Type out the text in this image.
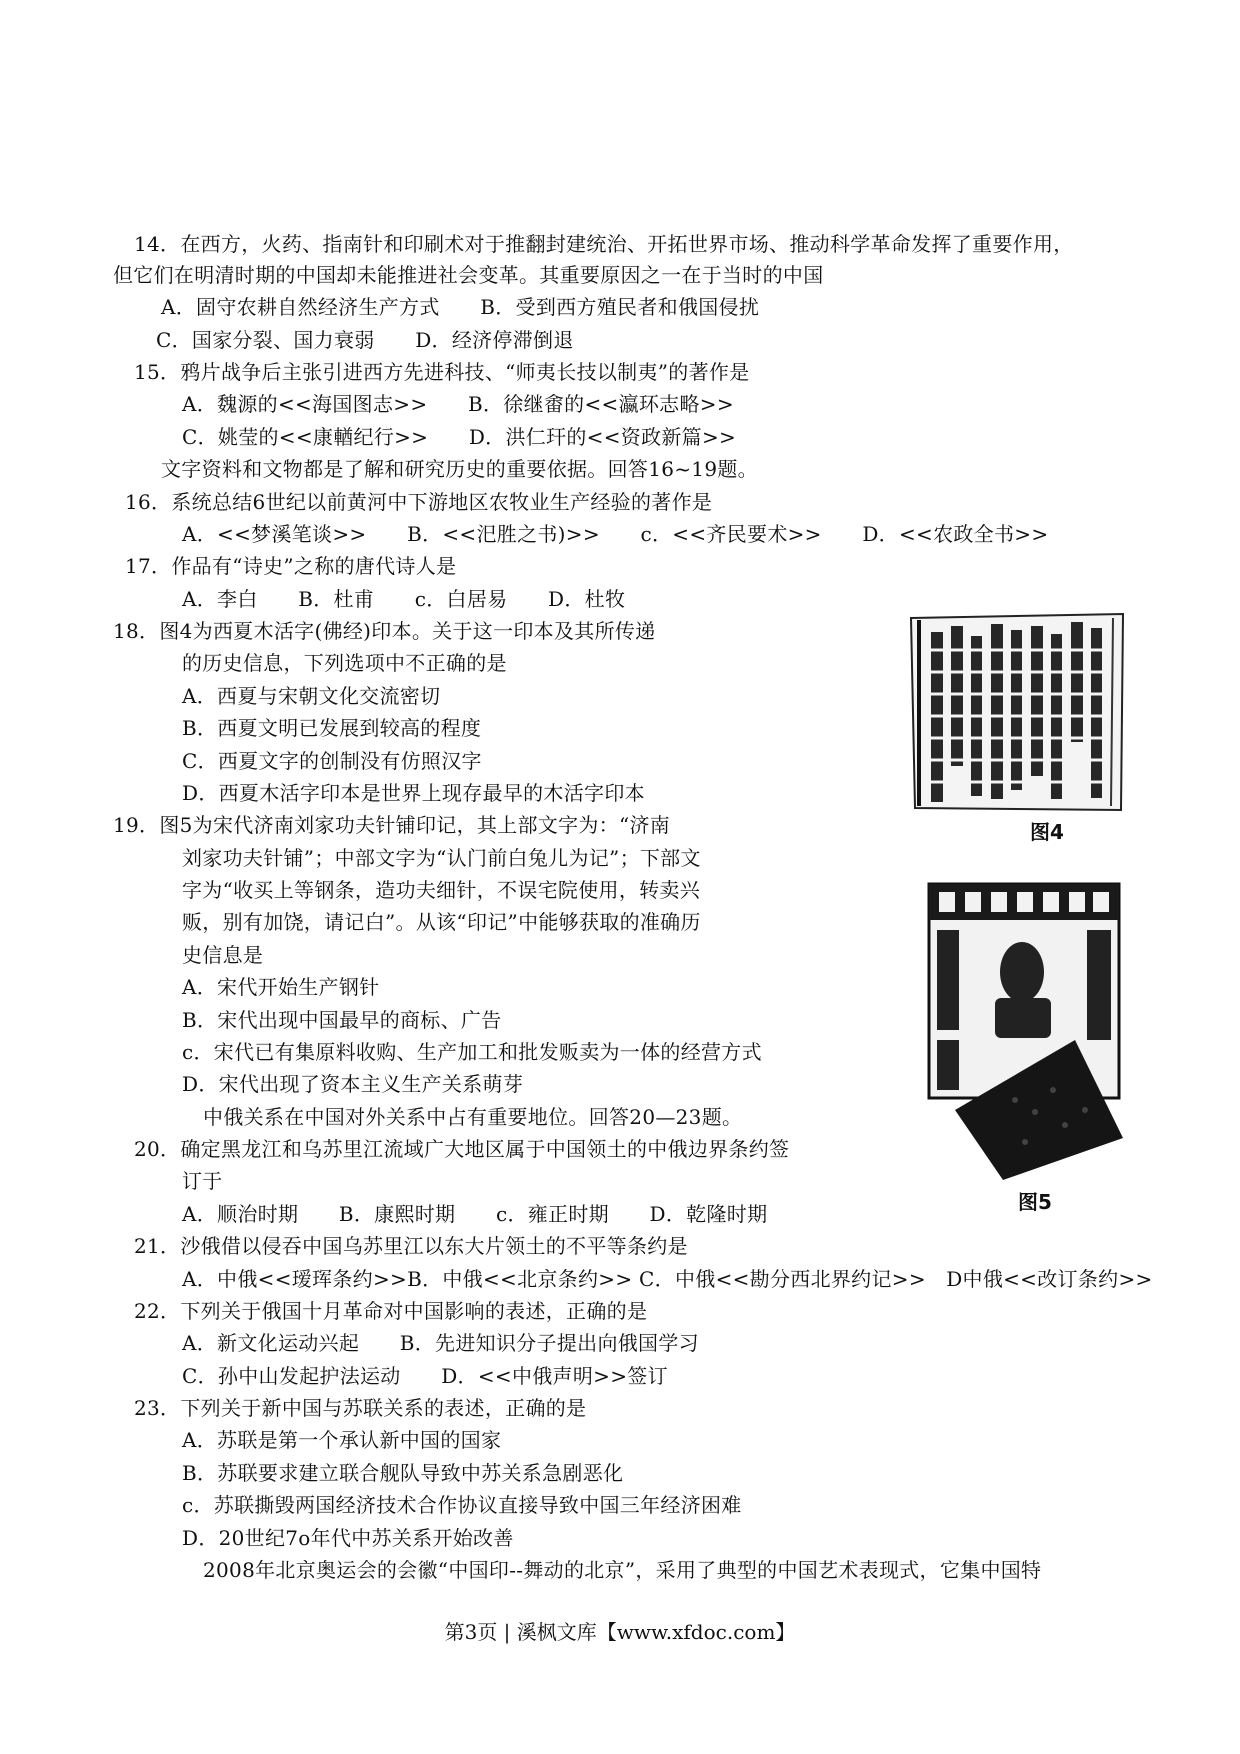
14．在西方，火药、指南针和印刷术对于推翻封建统治、开拓世界市场、推动科学革命发挥了重要作用，
但它们在明清时期的中国却未能推进社会变革。其重要原因之一在于当时的中国
A．固守农耕自然经济生产方式　　B．受到西方殖民者和俄国侵扰
C．国家分裂、国力衰弱　　D．经济停滞倒退
15．鸦片战争后主张引进西方先进科技、“师夷长技以制夷”的著作是
A．魏源的<<海国图志>>　　B．徐继畬的<<瀛环志略>>
C．姚莹的<<康輶纪行>>　　D．洪仁玕的<<资政新篇>>
文字资料和文物都是了解和研究历史的重要依据。回答16~19题。
16．系统总结6世纪以前黄河中下游地区农牧业生产经验的著作是
A．<<梦溪笔谈>>　　B．<<汜胜之书)>>　　c．<<齐民要术>>　　D．<<农政全书>>
17．作品有“诗史”之称的唐代诗人是
A．李白　　B．杜甫　　c．白居易　　D．杜牧
18．图4为西夏木活字(佛经)印本。关于这一印本及其所传递
的历史信息，下列选项中不正确的是
A．西夏与宋朝文化交流密切
B．西夏文明已发展到较高的程度
C．西夏文字的创制没有仿照汉字
D．西夏木活字印本是世界上现存最早的木活字印本
19．图5为宋代济南刘家功夫针铺印记，其上部文字为：“济南
刘家功夫针铺”；中部文字为“认门前白兔儿为记”；下部文
字为“收买上等钢条，造功夫细针，不误宅院使用，转卖兴
贩，别有加饶，请记白”。从该“印记”中能够获取的准确历
史信息是
A．宋代开始生产钢针
B．宋代出现中国最早的商标、广告
c．宋代已有集原料收购、生产加工和批发贩卖为一体的经营方式
D．宋代出现了资本主义生产关系萌芽
中俄关系在中国对外关系中占有重要地位。回答20—23题。
20．确定黑龙江和乌苏里江流域广大地区属于中国领土的中俄边界条约签
订于
A．顺治时期　　B．康熙时期　　c．雍正时期　　D．乾隆时期
21．沙俄借以侵吞中国乌苏里江以东大片领土的不平等条约是
A．中俄<<瑷珲条约>>B．中俄<<北京条约>> C．中俄<<勘分西北界约记>>　D中俄<<改订条约>>
22．下列关于俄国十月革命对中国影响的表述，正确的是
A．新文化运动兴起　　B．先进知识分子提出向俄国学习
C．孙中山发起护法运动　　D．<<中俄声明>>签订
23．下列关于新中国与苏联关系的表述，正确的是
A．苏联是第一个承认新中国的国家
B．苏联要求建立联合舰队导致中苏关系急剧恶化
c．苏联撕毁两国经济技术合作协议直接导致中国三年经济困难
D．20世纪7o年代中苏关系开始改善
2008年北京奥运会的会徽“中国印--舞动的北京”，采用了典型的中国艺术表现式，它集中国特
图4
图5
第3页 | 溪枫文库【www.xfdoc.com】
